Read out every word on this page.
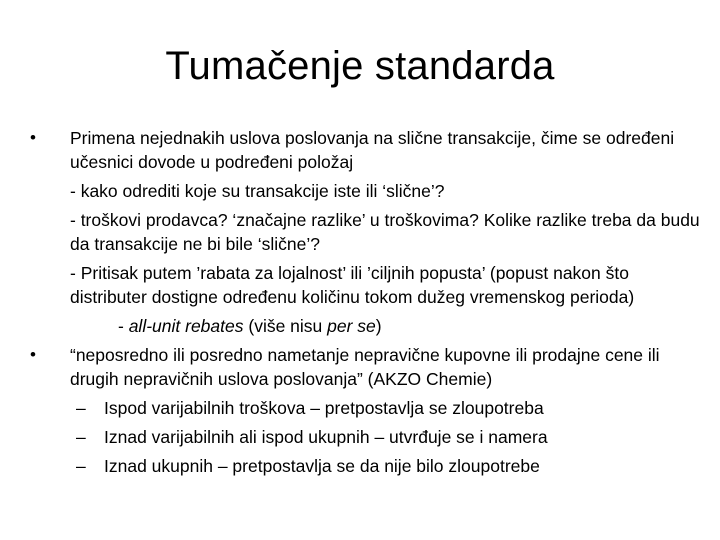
Tumačenje standarda
•	Primena nejednakih uslova poslovanja na slične transakcije, čime se određeni učesnici dovode u podređeni položaj
- kako odrediti koje su transakcije iste ili ‘slične’?
- troškovi prodavca? ‘značajne razlike’ u troškovima? Kolike razlike treba da budu da transakcije ne bi bile ‘slične’?
- Pritisak putem ’rabata za lojalnost’ ili ’ciljnih popusta’ (popust nakon što distributer dostigne određenu količinu tokom dužeg vremenskog perioda)
- all-unit rebates (više nisu per se)
•	“neposredno ili posredno nametanje nepravične kupovne ili prodajne cene ili drugih nepravičnih uslova poslovanja” (AKZO Chemie)
– Ispod varijabilnih troškova – pretpostavlja se zloupotreba
– Iznad varijabilnih ali ispod ukupnih – utvrđuje se i namera
– Iznad ukupnih – pretpostavlja se da nije bilo zloupotrebe
